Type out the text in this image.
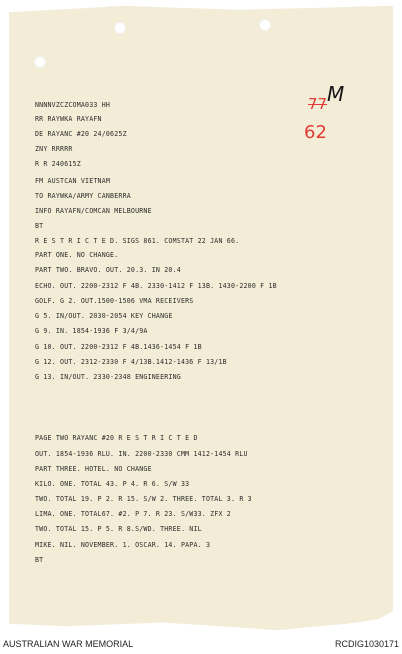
NNNNVZCZCOMA033 HH
RR RAYWKA RAYAFN
DE RAYANC #20 24/0625Z
ZNY RRRRR
R R 240615Z
FM AUSTCAN VIETNAM
TO RAYWKA/ARMY CANBERRA
INFO RAYAFN/COMCAN MELBOURNE
BT
R E S T R I C T E D. SIGS 861. COMSTAT 22 JAN 66.
PART ONE. NO CHANGE.
PART TWO. BRAVO. OUT. 20.3. IN 20.4
ECHO. OUT. 2200-2312 F 4B. 2330-1412 F 13B. 1430-2200 F 1B
GOLF. G 2. OUT.1500-1506 VMA RECEIVERS
G 5. IN/OUT. 2030-2054 KEY CHANGE
G 9. IN. 1854-1936 F 3/4/9A
G 10. OUT. 2200-2312 F 4B.1436-1454 F 1B
G 12. OUT. 2312-2330 F 4/13B.1412-1436 F 13/1B
G 13. IN/OUT. 2330-2348 ENGINEERING
PAGE TWO RAYANC #20 R E S T R I C T E D
OUT. 1854-1936 RLU. IN. 2200-2330 CMM 1412-1454 RLU
PART THREE. HOTEL. NO CHANGE
KILO. ONE. TOTAL 43. P 4. R 6. S/W 33
TWO. TOTAL 19. P 2. R 15. S/W 2. THREE. TOTAL 3. R 3
LIMA. ONE. TOTAL67. #2. P 7. R 23. S/W33. ZFX 2
TWO. TOTAL 15. P 5. R 8.S/WD. THREE. NIL
MIKE. NIL. NOVEMBER. 1. OSCAR. 14. PAPA. 3
BT
M
77
62
AUSTRALIAN WAR MEMORIAL	RCDIG1030171
